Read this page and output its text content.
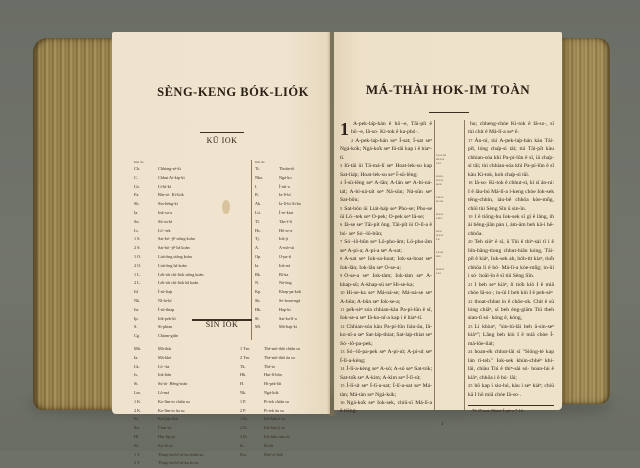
SÈNG-KENG BÓK-LIÓK
KŪ IOK
Kùn tōe	Kùn tōe
Ch.	Chhòng-sè-kì
C.	Chhut Ai-kip-kì
Lh.	Lī-bī-kì
Fa.	Bīn-sò· Kì-lio̍k
Sh.	Sin-bēng-kì
Ia.	Iok-su-a
Su.	Sū-su-kì
Lt.	Lō·-tek
1 S.	Sat-bó·-jīⁿ siōng koàn
2 S.	Sat-bó·-jīⁿ hā koàn
1 O.	Lia̍t-ông siōng koàn
2 O.	Lia̍t-ông hā koàn
1 L.	Le̍k-tāi chì-lio̍k siōng koàn
2 L.	Le̍k-tāi chì-lio̍k hā koàn
Isl	Í-sū-lia̍p
Nk.	Nî-hi-bí
Ist.	Í-sū-thiap
Ip.	Io̍k-pek-kì
S.	Sì-phian
Cg.	Chiam-giân
Tt.	Thoân-tō
Nko.	Ngá-ko
I.	Í-sài-a
B.	Ia-lī-bí
Ak.	Ia-lī-bí Ai-ko
Lti.	Í-se-kiat
Tl.	Tân-ī-lí
Hs.	Hô-se-a
Tj.	Io̍k-jí
A.	A-mô-sū
Op.	O-pa-tí
Ia.	Iok-ná
Bk.	Bí-ka
N.	Ná-ông
Kp.	Khap-pa-ko̍k
Sh.	Se-hoan-ngá
Hk.	Hap-ki
Sl.	Sat-ka-lī-a
Ml.	Má-lia̍p-ki
SIN IOK
Mh.	Má-thài
Ia.	Má-khó
Lk.	Lō·-ka
Is.	Iok-hān
St.	Sù-tô· Hēng-toān
Lm.	Lô-má
1 K.	Ko-lîm-to chiân su
2 K.	Ko-lîm-to āu su
Kt.	Ka-lia̍p-thai
Ibs.	Í-hut-só·
Hl.	Hui-lip-pí
Kl.	Ko-lô-se
1 T.	Thiap-sat-lô-nî-ka chiân su
2 T.	Thiap-sat-lô-nî-ka āu su
1 Tm.	Thé-mô-thāi chiân su
2 Tm.	Thé-mô-thāi āu su
Tk.	Thé-to
Hb.	Hui-lī-bûn
H.	Hi-pek-lâi
Nk.	Ngá-ko̍k
1 P.	Pi-tek chiân su
2 P.	Pi-tek āu su
1 Ih.	Iok-hān it su
2 Ih.	Iok-hān jī su
3 Ih.	Iok-hān sam su
Iu.	Iû-tāi
Kst.	Khé-sī-lio̍k
MÁ-THÀI HOK-IM TOÀN

1 A-pek-la̍p-hán ê hō·-e, Tāi-pi̍t ê hō·-e, Iâ-so· Ki-tok ê ka-phó·.

2 A-pek-la̍p-hán seⁿ Í-sat; Í-sat seⁿ Ngá-ko̍k; Ngá-ko̍k seⁿ Iû-tāi kap i ê hiaⁿ-tī.

3 Iû-tāi ūi Tā-má-lī seⁿ Hoat-lek-su kap Sat-lia̍p; Hoat-lek-su seⁿ Í-sū-lêng;

4 Í-sū-lêng seⁿ A-lân; A-lân seⁿ A-bí-ná-ta̍t; A-bí-ná-ta̍t seⁿ Ná-sūn; Ná-sūn seⁿ Sat-bôn;

5 Sat-bôn ūi Lia̍t-ha̍p seⁿ Pho-se; Pho-se ūi Lō·-tek seⁿ O-pek; O-pek seⁿ Iâ-se;

6 Iâ-se seⁿ Tāi-pi̍t ông. Tāi-pi̍t ūi O-lī-a ê bó· seⁿ Só·-lô-bûn;

7 Só·-lô-bûn seⁿ Lô-pho-âm; Lô-pho-âm seⁿ A-pi-a; A-pi-a seⁿ A-sat;

8 A-sat seⁿ Iok-sa-hoat; Iok-sa-hoat seⁿ Iok-lân; Iok-lân seⁿ O-se-a;

9 O-se-a seⁿ Iok-tàm; Iok-tàm seⁿ A-khap-sū; A-khap-sū seⁿ Hi-se-ka;

10 Hi-se-ka seⁿ Má-ná-se; Má-ná-se seⁿ A-bûn; A-bûn seⁿ Iok-se-a;

11 pe̍k-sèⁿ sóa chhian-kàu Pa-pí-lûn ê sî, Iok-se-a seⁿ Iâ-ko-nî-a kap i ê hiaⁿ-tī.

12 Chhian-sóa kàu Pa-pí-lûn liáu-āu, Iâ-ko-nî-a seⁿ Sat-la̍p-thiat; Sat-la̍p-thiat seⁿ Só·-lô-pa-pek;

13 Só·-lô-pa-pek seⁿ A-pí-u̍t; A-pí-u̍t seⁿ Í-lī-a-kèng;

14 Í-lī-a-kèng seⁿ A-só; A-só seⁿ Sat-to̍k; Sat-to̍k seⁿ A-kìm; A-kìm seⁿ Í-lī-u̍t;

15 Í-lī-u̍t seⁿ Í-lī-a-sat; Í-lī-a-sat seⁿ Má-tàn; Má-tàn seⁿ Ngá-ko̍k;

16 Ngá-ko̍k seⁿ Iok-sek, chiū-sī Má-lī-a ê tiōng-

▪ ▪▪ ▪▪ ▪▪▪
▪▪▪ ▪▪ ▪▪
▪ ▪▪ ▪
▪▪ ▪▪▪ ▪
▪▪ ▪▪ ▪▪
▪▪▪ ▪▪
▪ ▪▪▪ ▪▪
▪▪ ▪ ▪▪▪
▪▪ ▪▪ ▪▪
▪ ▪▪▪ ▪
▪▪▪ ▪▪
▪▪ ▪▪ ▪▪
▪ ▪▪
▪ ▪▪ ▪▪▪
▪▪ ▪▪
▪▪ ▪▪▪ ▪▪
▪ ▪▪ ▪

hu; chheng-chòe Ki-tok ê Iâ-so·, sī tùi chit ê Má-lī-a seⁿ ê.

17 Án-ni, tùi A-pek-la̍p-hán kàu Tāi-pi̍t, lóng cha̍p-sì tāi; tùi Tāi-pi̍t kàu chhian-sóa khì Pa-pí-lûn ê sî, iā cha̍p-sì tāi; tùi chhian-sóa khì Pa-pí-lûn ê sî kàu Ki-tok, koh cha̍p-sì tāi.

18 Iâ-so· Ki-tok ê chhut-sì, kì sī án-ni: I ê lāu-bú Má-lī-a í-keng chòe Iok-sek tēng-chhin, iáu-bē chhōa kòe-mn̂g, chiū tùi Sèng Sîn ū sin-īn.

19 I ê tiōng-hu Iok-sek sī gī ê lâng, m̄ ài bêng-jiân pàn i, ám-ām beh kā-i hē-chhôa.

20 Teh siūⁿ ê sî, ū Tiú ê thiⁿ-sài tī i ê bīn-bāng-tiong chhut-hiān kóng, Tāi-pi̍t ê kiáⁿ, Iok-sek ah, bóh-tit kiaⁿ, tio̍h chhōa lí ê bó· Má-lī-a kòe-mn̂g; in-ūi i só· hoâi-īn ê sī tùi Sèng Sîn.

21 I beh seⁿ kiáⁿ, lí tio̍h kiò I ê miâ chòe Iâ-so·; in-ūi I beh kiù I ê peh-sèⁿ

22 thoat-chhut in ê chōe-ok. Chit ê sū lóng chiâⁿ, sī beh èng-giām Tiú theh sian-tī só· kóng ê, kóng,

23 Lí khòaⁿ, "sìn-lú-lâi beh ū-sin-seⁿ kiáⁿ"; Lâng beh kiò I ê miâ chòe Í-má-lōe-lia̍t;

24 hoan-e̍k chhut-lâi sī "Siōng-tè kap lán tī-teh." Iok-sek khùn-chhéⁿ khí-lâi, chiàu Tiú ê thiⁿ-sài só· hoan-hù ê kiâⁿ, chhōa i ê bó· lâi;

25 bô kap i sio-hó, kàu i seⁿ kiáⁿ; chiū kā I hō miâ chòe Iâ-so·.

Tē 25 tsat: Khòaⁿ Í-sài-a 7:14.
1
